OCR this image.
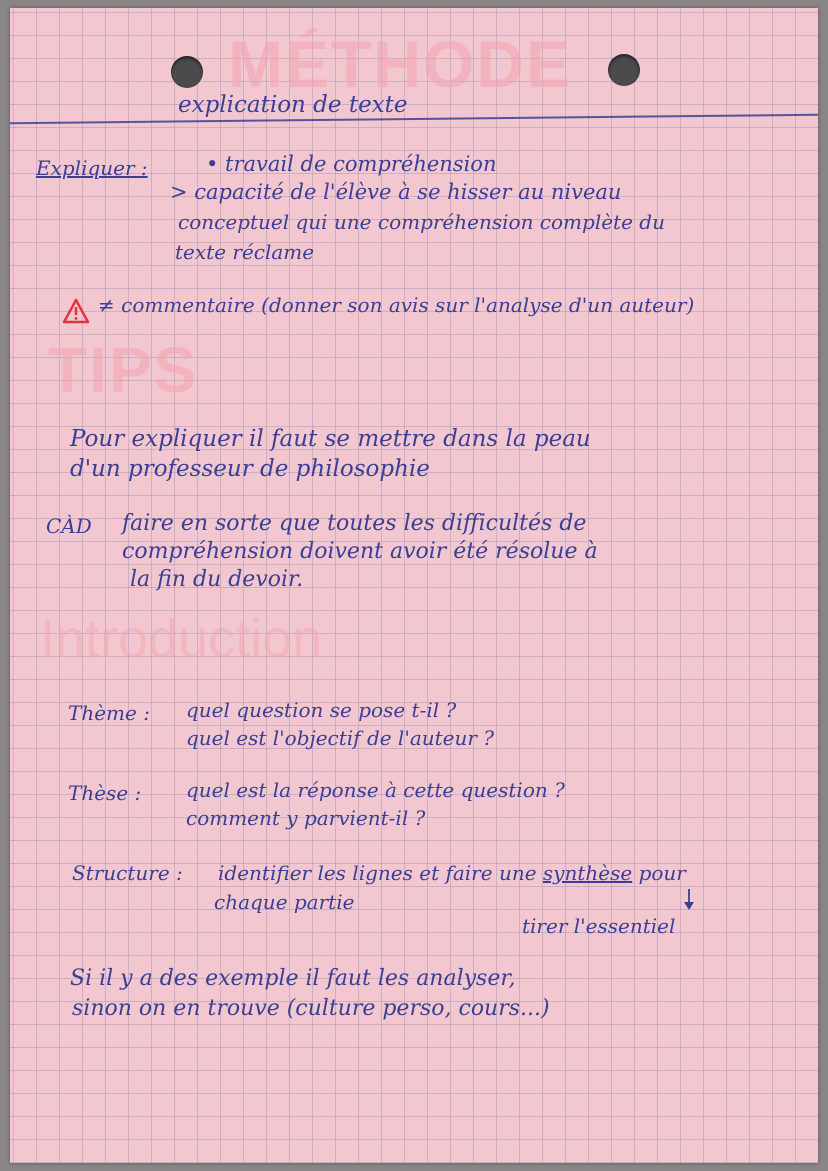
MÉTHODE
TIPS
Introduction
explication de texte
Expliquer :	• travail de compréhension
> capacité de l'élève à se hisser au niveau
conceptuel qui une compréhension complète du
texte réclame
≠ commentaire (donner son avis sur l'analyse d'un auteur)
Pour expliquer il faut se mettre dans la peau
d'un professeur de philosophie
CÀD faire en sorte que toutes les difficultés de
compréhension doivent avoir été résolue à
la fin du devoir.
Thème : quel question se pose t-il ?
quel est l'objectif de l'auteur ?
Thèse : quel est la réponse à cette question ?
comment y parvient-il ?
Structure : identifier les lignes et faire une synthèse pour
chaque partie
tirer l'essentiel
Si il y a des exemple il faut les analyser,
sinon on en trouve (culture perso, cours...)
